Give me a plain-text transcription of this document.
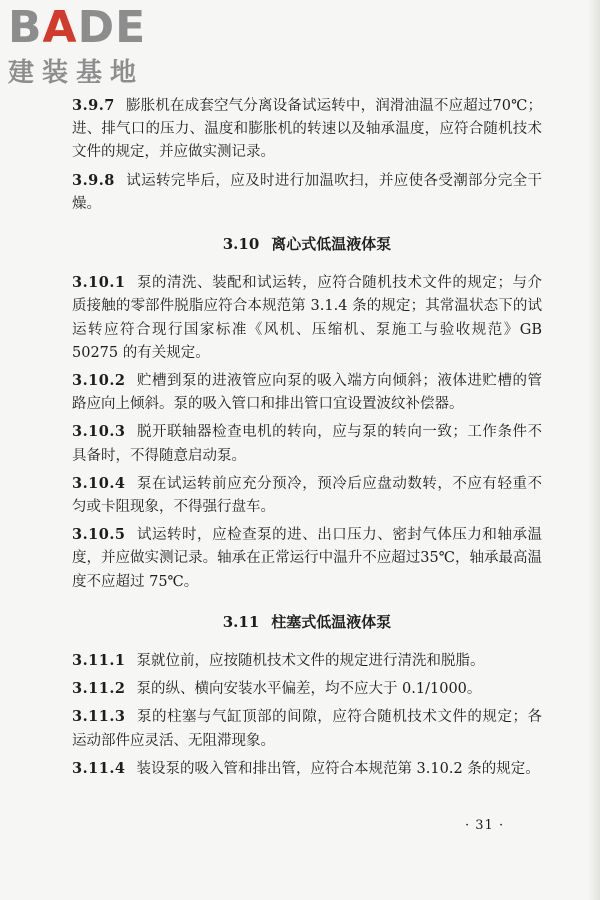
BADE
建装基地

3.9.7 膨胀机在成套空气分离设备试运转中，润滑油温不应超过70℃；进、排气口的压力、温度和膨胀机的转速以及轴承温度，应符合随机技术文件的规定，并应做实测记录。

3.9.8 试运转完毕后，应及时进行加温吹扫，并应使各受潮部分完全干燥。

3.10 离心式低温液体泵

3.10.1 泵的清洗、装配和试运转，应符合随机技术文件的规定；与介质接触的零部件脱脂应符合本规范第 3.1.4 条的规定；其常温状态下的试运转应符合现行国家标准《风机、压缩机、泵施工与验收规范》GB 50275 的有关规定。

3.10.2 贮槽到泵的进液管应向泵的吸入端方向倾斜；液体进贮槽的管路应向上倾斜。泵的吸入管口和排出管口宜设置波纹补偿器。

3.10.3 脱开联轴器检查电机的转向，应与泵的转向一致；工作条件不具备时，不得随意启动泵。

3.10.4 泵在试运转前应充分预冷，预冷后应盘动数转，不应有轻重不匀或卡阻现象，不得强行盘车。

3.10.5 试运转时，应检查泵的进、出口压力、密封气体压力和轴承温度，并应做实测记录。轴承在正常运行中温升不应超过35℃，轴承最高温度不应超过 75℃。

3.11 柱塞式低温液体泵

3.11.1 泵就位前，应按随机技术文件的规定进行清洗和脱脂。

3.11.2 泵的纵、横向安装水平偏差，均不应大于 0.1/1000。

3.11.3 泵的柱塞与气缸顶部的间隙，应符合随机技术文件的规定；各运动部件应灵活、无阻滞现象。

3.11.4 装设泵的吸入管和排出管，应符合本规范第 3.10.2 条的规定。

· 31 ·
